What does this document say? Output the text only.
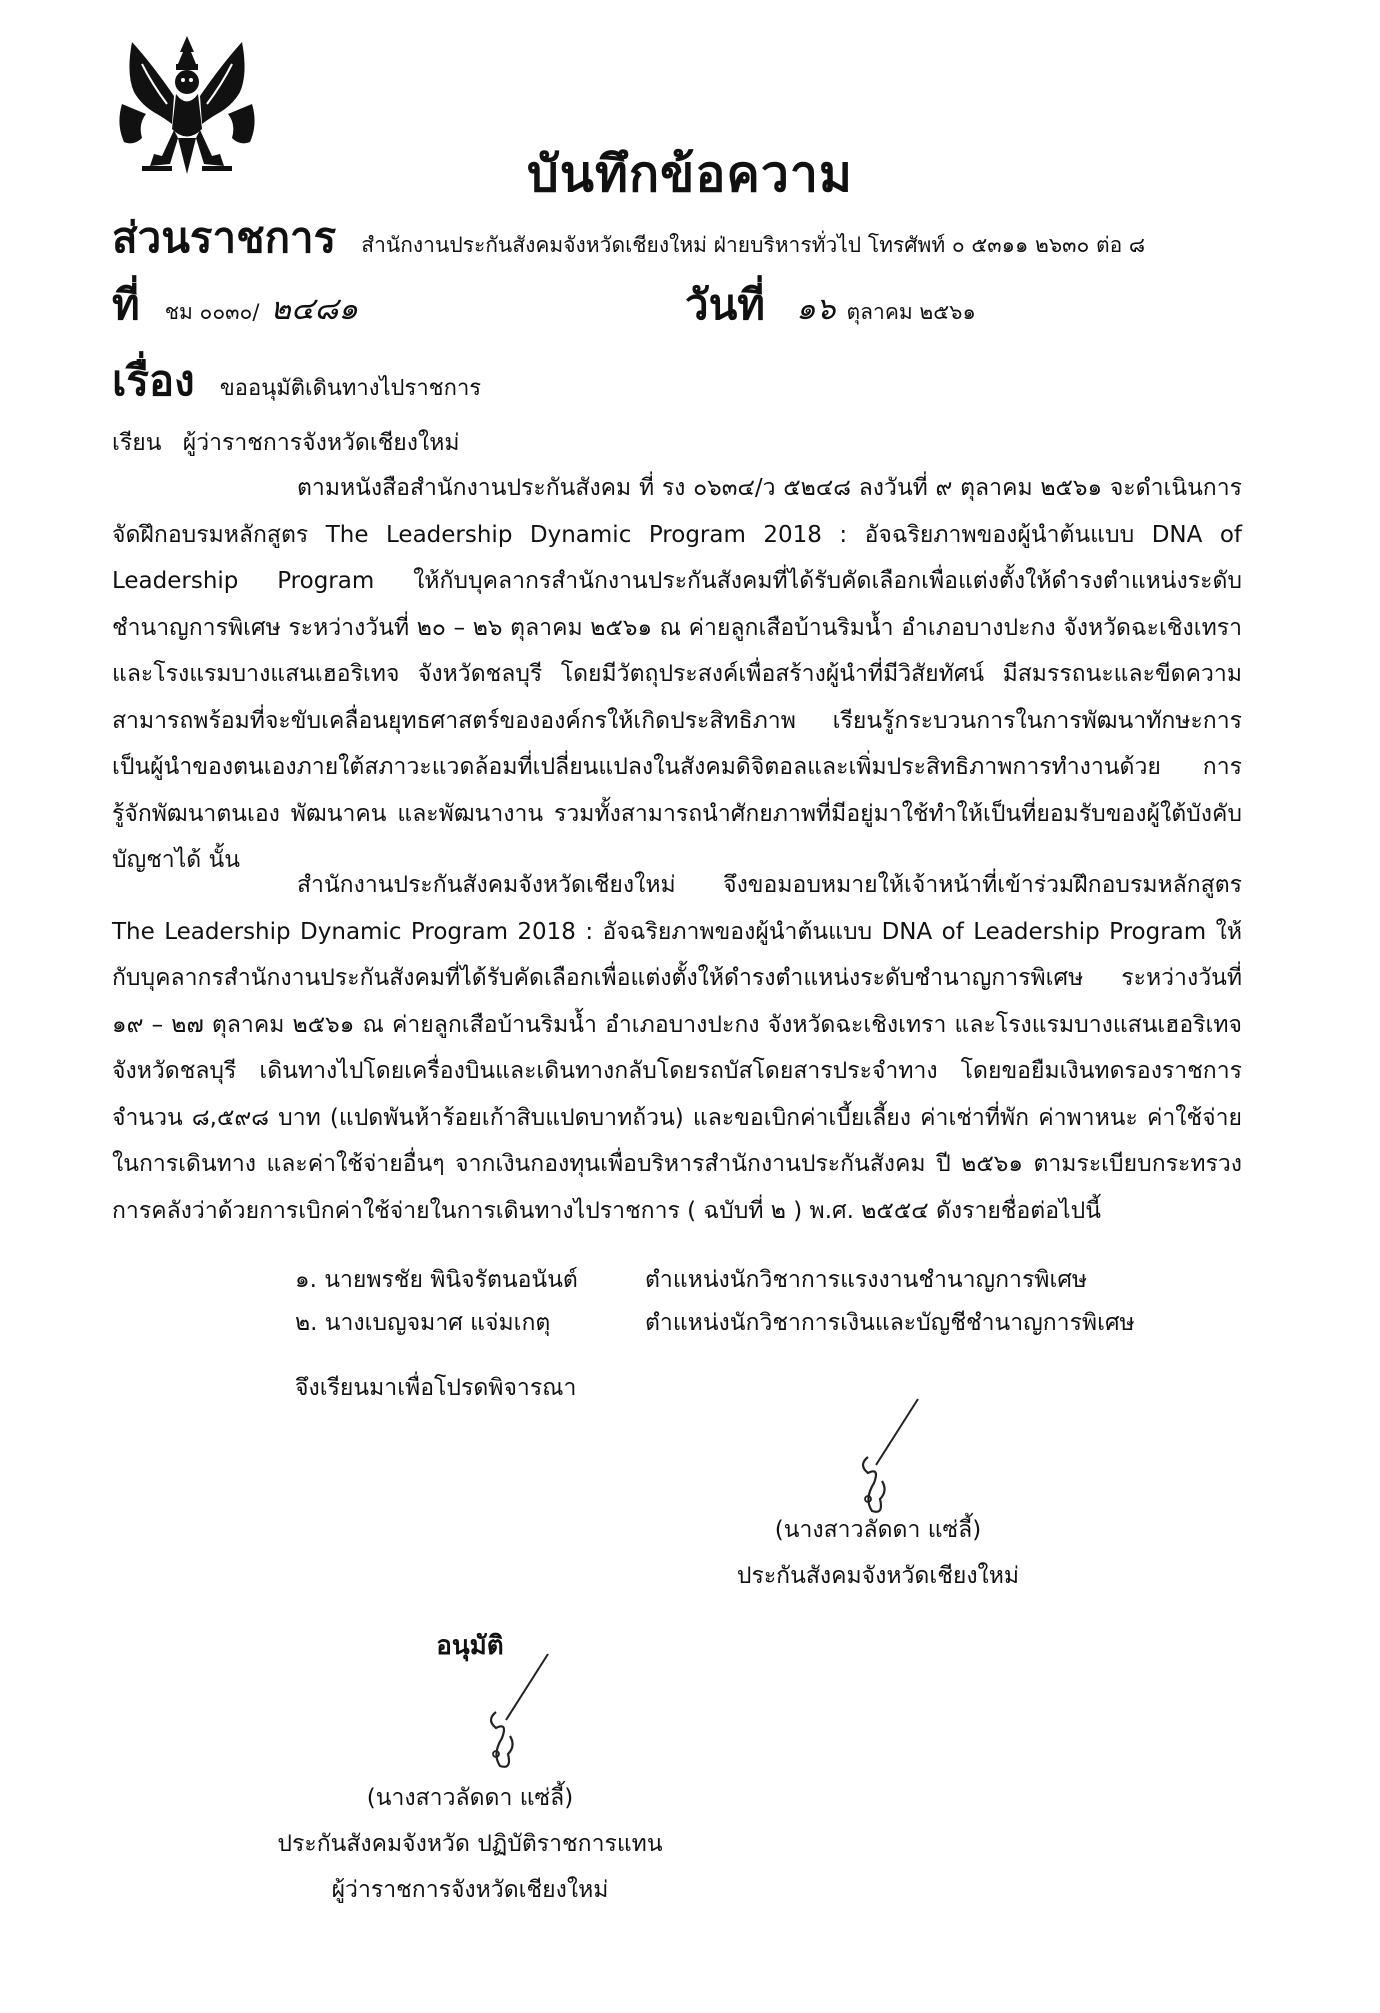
บันทึกข้อความ
ส่วนราชการ สำนักงานประกันสังคมจังหวัดเชียงใหม่ ฝ่ายบริหารทั่วไป โทรศัพท์ ๐ ๕๓๑๑ ๒๖๓๐ ต่อ ๘
ที่ ชม ๐๐๓๐/ ๒๔๘๑	วันที่ ๑๖ ตุลาคม ๒๕๖๑
เรื่อง ขออนุมัติเดินทางไปราชการ
เรียน ผู้ว่าราชการจังหวัดเชียงใหม่

ตามหนังสือสำนักงานประกันสังคม ที่ รง ๐๖๓๔/ว ๕๒๔๘ ลงวันที่ ๙ ตุลาคม ๒๕๖๑ จะดำเนินการจัดฝึกอบรมหลักสูตร The Leadership Dynamic Program 2018 : อัจฉริยภาพของผู้นำต้นแบบ DNA of Leadership Program ให้กับบุคลากรสำนักงานประกันสังคมที่ได้รับคัดเลือกเพื่อแต่งตั้งให้ดำรงตำแหน่งระดับชำนาญการพิเศษ ระหว่างวันที่ ๒๐ – ๒๖ ตุลาคม ๒๕๖๑ ณ ค่ายลูกเสือบ้านริมน้ำ อำเภอบางปะกง จังหวัดฉะเชิงเทรา และโรงแรมบางแสนเฮอริเทจ จังหวัดชลบุรี โดยมีวัตถุประสงค์เพื่อสร้างผู้นำที่มีวิสัยทัศน์ มีสมรรถนะและขีดความสามารถพร้อมที่จะขับเคลื่อนยุทธศาสตร์ขององค์กรให้เกิดประสิทธิภาพ เรียนรู้กระบวนการในการพัฒนาทักษะการเป็นผู้นำของตนเองภายใต้สภาวะแวดล้อมที่เปลี่ยนแปลงในสังคมดิจิตอลและเพิ่มประสิทธิภาพการทำงานด้วย การรู้จักพัฒนาตนเอง พัฒนาคน และพัฒนางาน รวมทั้งสามารถนำศักยภาพที่มีอยู่มาใช้ทำให้เป็นที่ยอมรับของผู้ใต้บังคับบัญชาได้ นั้น

สำนักงานประกันสังคมจังหวัดเชียงใหม่ จึงขอมอบหมายให้เจ้าหน้าที่เข้าร่วมฝึกอบรมหลักสูตร The Leadership Dynamic Program 2018 : อัจฉริยภาพของผู้นำต้นแบบ DNA of Leadership Program ให้กับบุคลากรสำนักงานประกันสังคมที่ได้รับคัดเลือกเพื่อแต่งตั้งให้ดำรงตำแหน่งระดับชำนาญการพิเศษ ระหว่างวันที่ ๑๙ – ๒๗ ตุลาคม ๒๕๖๑ ณ ค่ายลูกเสือบ้านริมน้ำ อำเภอบางปะกง จังหวัดฉะเชิงเทรา และโรงแรมบางแสนเฮอริเทจ จังหวัดชลบุรี เดินทางไปโดยเครื่องบินและเดินทางกลับโดยรถบัสโดยสารประจำทาง โดยขอยืมเงินทดรองราชการ จำนวน ๘,๕๙๘ บาท (แปดพันห้าร้อยเก้าสิบแปดบาทถ้วน) และขอเบิกค่าเบี้ยเลี้ยง ค่าเช่าที่พัก ค่าพาหนะ ค่าใช้จ่ายในการเดินทาง และค่าใช้จ่ายอื่นๆ จากเงินกองทุนเพื่อบริหารสำนักงานประกันสังคม ปี ๒๕๖๑ ตามระเบียบกระทรวงการคลังว่าด้วยการเบิกค่าใช้จ่ายในการเดินทางไปราชการ ( ฉบับที่ ๒ ) พ.ศ. ๒๕๕๔ ดังรายชื่อต่อไปนี้

๑. นายพรชัย พินิจรัตนอนันต์	ตำแหน่งนักวิชาการแรงงานชำนาญการพิเศษ
๒. นางเบญจมาศ แจ่มเกตุ	ตำแหน่งนักวิชาการเงินและบัญชีชำนาญการพิเศษ
จึงเรียนมาเพื่อโปรดพิจารณา
(นางสาวลัดดา แซ่ลี้)
ประกันสังคมจังหวัดเชียงใหม่
อนุมัติ
(นางสาวลัดดา แซ่ลี้)
ประกันสังคมจังหวัด ปฏิบัติราชการแทน
ผู้ว่าราชการจังหวัดเชียงใหม่
